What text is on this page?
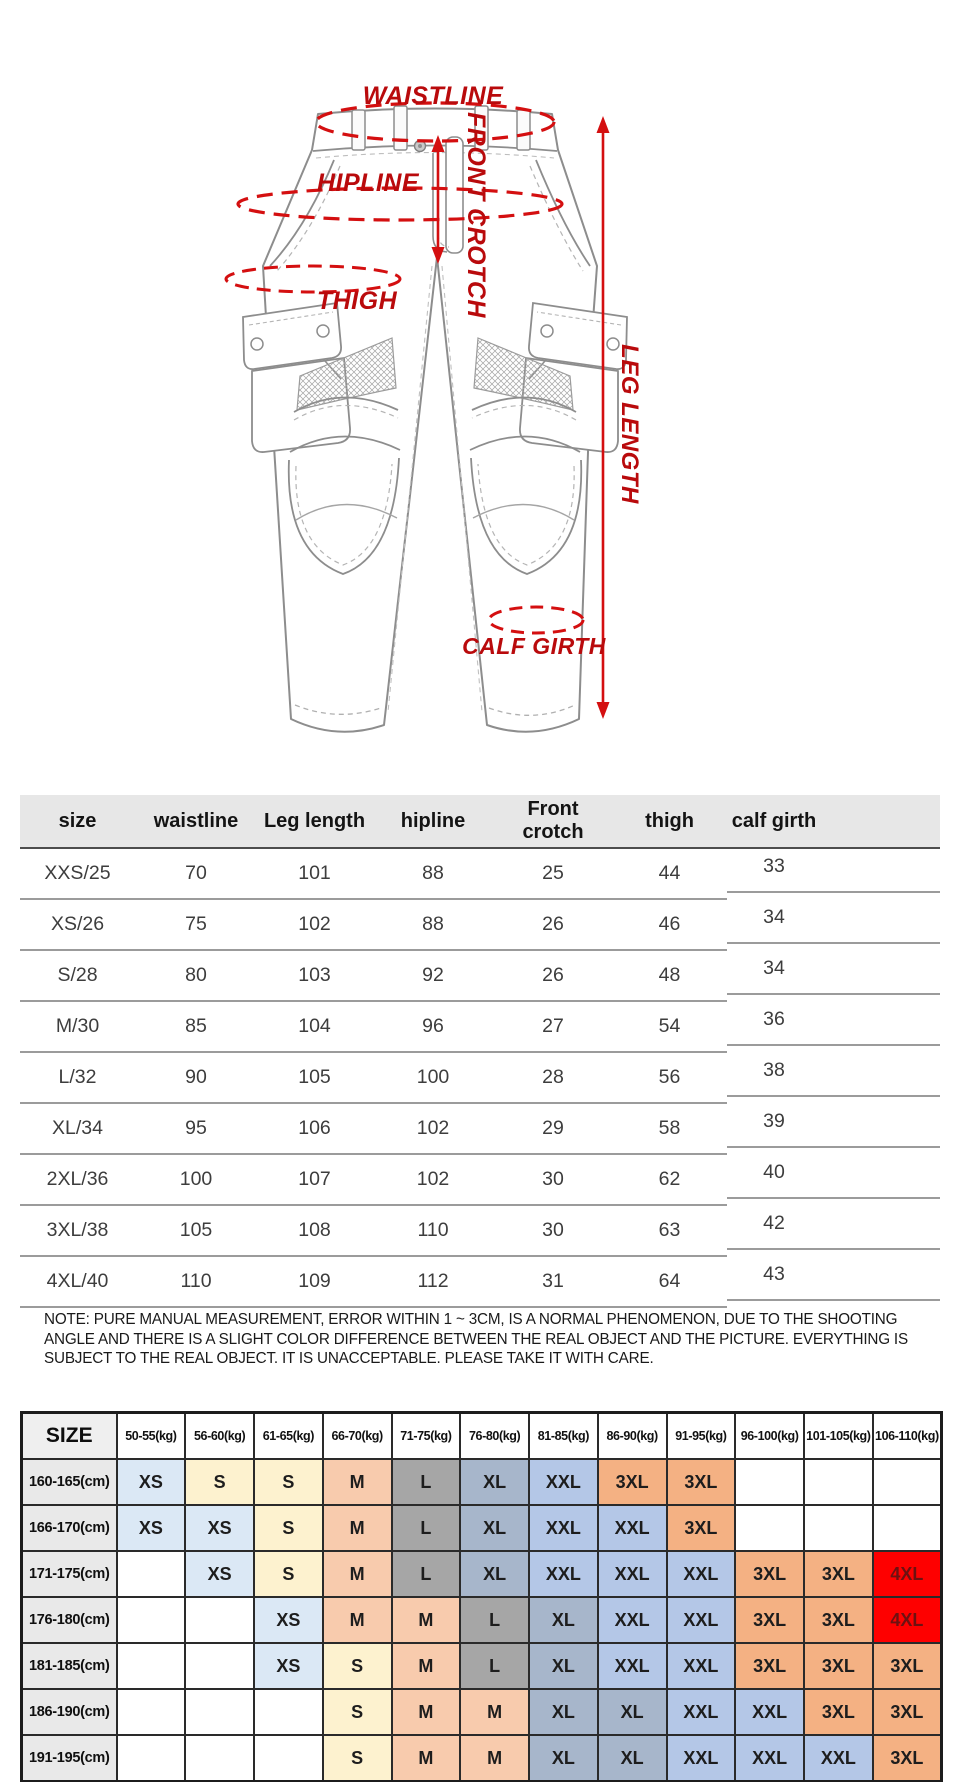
WAISTLINE
HIPLINE
THIGH	FRONT CROTCH
LEG LENGTH
CALF GIRTH
size	waistline	Leg length	hipline	Front crotch	thigh	calf girth
XXS/25	70	101	88	25	44	33
XS/26	75	102	88	26	46	34
S/28	80	103	92	26	48	34
M/30	85	104	96	27	54	36
L/32	90	105	100	28	56	38
XL/34	95	106	102	29	58	39
2XL/36	100	107	102	30	62	40
3XL/38	105	108	110	30	63	42
4XL/40	110	109	112	31	64	43
NOTE: PURE MANUAL MEASUREMENT, ERROR WITHIN 1 ~ 3CM, IS A NORMAL PHENOMENON, DUE TO THE SHOOTING ANGLE AND THERE IS A SLIGHT COLOR DIFFERENCE BETWEEN THE REAL OBJECT AND THE PICTURE. EVERYTHING IS SUBJECT TO THE REAL OBJECT. IT IS UNACCEPTABLE. PLEASE TAKE IT WITH CARE.
SIZE	50-55(kg)	56-60(kg)	61-65(kg)	66-70(kg)	71-75(kg)	76-80(kg)	81-85(kg)	86-90(kg)	91-95(kg)	96-100(kg)	101-105(kg)	106-110(kg)
160-165(cm)	XS	S	S	M	L	XL	XXL	3XL	3XL			
166-170(cm)	XS	XS	S	M	L	XL	XXL	XXL	3XL			
171-175(cm)		XS	S	M	L	XL	XXL	XXL	XXL	3XL	3XL	4XL
176-180(cm)			XS	M	M	L	XL	XXL	XXL	3XL	3XL	4XL
181-185(cm)			XS	S	M	L	XL	XXL	XXL	3XL	3XL	3XL
186-190(cm)				S	M	M	XL	XL	XXL	XXL	3XL	3XL
191-195(cm)				S	M	M	XL	XL	XXL	XXL	XXL	3XL
